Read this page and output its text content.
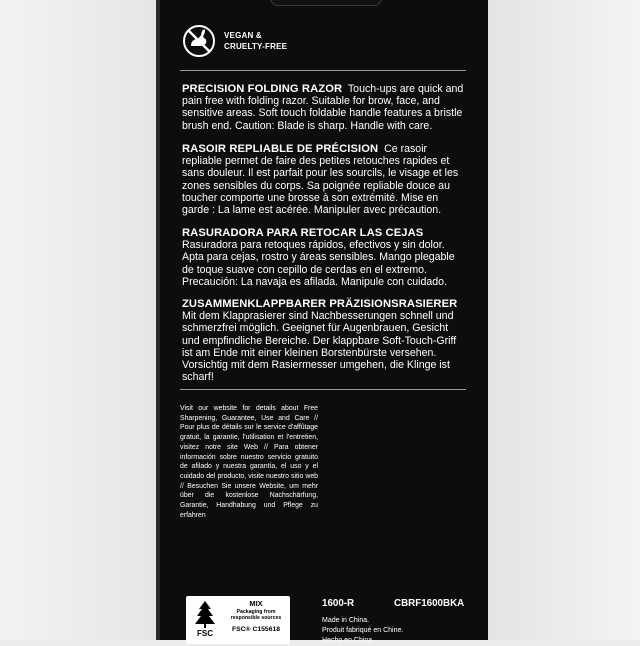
VEGAN &
CRUELTY-FREE
PRECISION FOLDING RAZOR Touch-ups are quick and pain free with folding razor. Suitable for brow, face, and sensitive areas. Soft touch foldable handle features a bristle brush end. Caution: Blade is sharp. Handle with care.
RASOIR REPLIABLE DE PRÉCISION Ce rasoir repliable permet de faire des petites retouches rapides et sans douleur. Il est parfait pour les sourcils, le visage et les zones sensibles du corps. Sa poignée repliable douce au toucher comporte une brosse à son extrémité. Mise en garde : La lame est acérée. Manipuler avec précaution.
RASURADORA PARA RETOCAR LAS CEJAS
Rasuradora para retoques rápidos, efectivos y sin dolor. Apta para cejas, rostro y áreas sensibles. Mango plegable de toque suave con cepillo de cerdas en el extremo. Precaución: La navaja es afilada. Manipule con cuidado.
ZUSAMMENKLAPPBARER PRÄZISIONSRASIERER
Mit dem Klapprasierer sind Nachbesserungen schnell und schmerzfrei möglich. Geeignet für Augenbrauen, Gesicht und empfindliche Bereiche. Der klappbare Soft-Touch-Griff ist am Ende mit einer kleinen Borstenbürste versehen. Vorsichtig mit dem Rasiermesser umgehen, die Klinge ist scharf!
Visit our website for details about Free Sharpening, Guarantee, Use and Care // Pour plus de détails sur le service d'affûtage gratuit, la garantie, l'utilisation et l'entretien, visitez notre site Web // Para obtener información sobre nuestro servicio gratuito de afilado y nuestra garantía, el uso y el cuidado del producto, visite nuestro sitio web // Besuchen Sie unsere Website, um mehr über die kostenlose Nachschärfung, Garantie, Handhabung und Pflege zu erfahren
FSC
MIX
Packaging from responsible sources
FSC® C155618
1600-R	CBRF1600BKA
Made in China.
Produit fabriqué en Chine.
Hecho en China.
